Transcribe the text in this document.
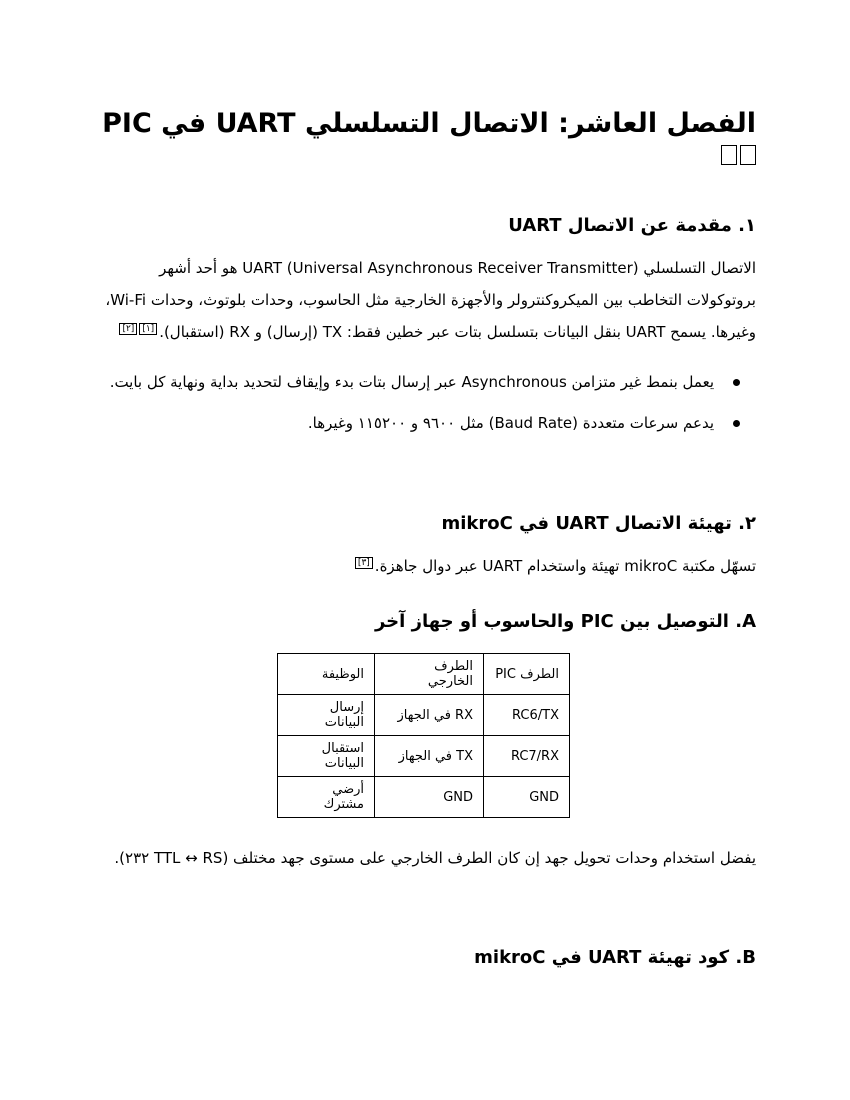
الفصل العاشر: الاتصال التسلسلي UART في PIC
١. مقدمة عن الاتصال UART

الاتصال التسلسلي UART (Universal Asynchronous Receiver Transmitter) هو أحد أشهر

بروتوكولات التخاطب بين الميكروكنترولر والأجهزة الخارجية مثل الحاسوب، وحدات بلوتوث، وحدات Wi-Fi،

وغيرها. يسمح UART بنقل البيانات بتسلسل بتات عبر خطين فقط: TX (إرسال) و RX (استقبال).[١][٢]

يعمل بنمط غير متزامن Asynchronous عبر إرسال بتات بدء وإيقاف لتحديد بداية ونهاية كل بايت.
يدعم سرعات متعددة (Baud Rate) مثل ٩٦٠٠ و ١١٥٢٠٠ وغيرها.
٢. تهيئة الاتصال UART في mikroC

تسهّل مكتبة mikroC تهيئة واستخدام UART عبر دوال جاهزة.[٣]

A. التوصيل بين PIC والحاسوب أو جهاز آخر
الطرف PIC	الطرف الخارجي	الوظيفة
RC6/TX	RX في الجهاز	إرسال البيانات
RC7/RX	TX في الجهاز	استقبال البيانات
GND	GND	أرضي مشترك

يفضل استخدام وحدات تحويل جهد إن كان الطرف الخارجي على مستوى جهد مختلف (TTL ↔ RS ٢٣٢).

B. كود تهيئة UART في mikroC
